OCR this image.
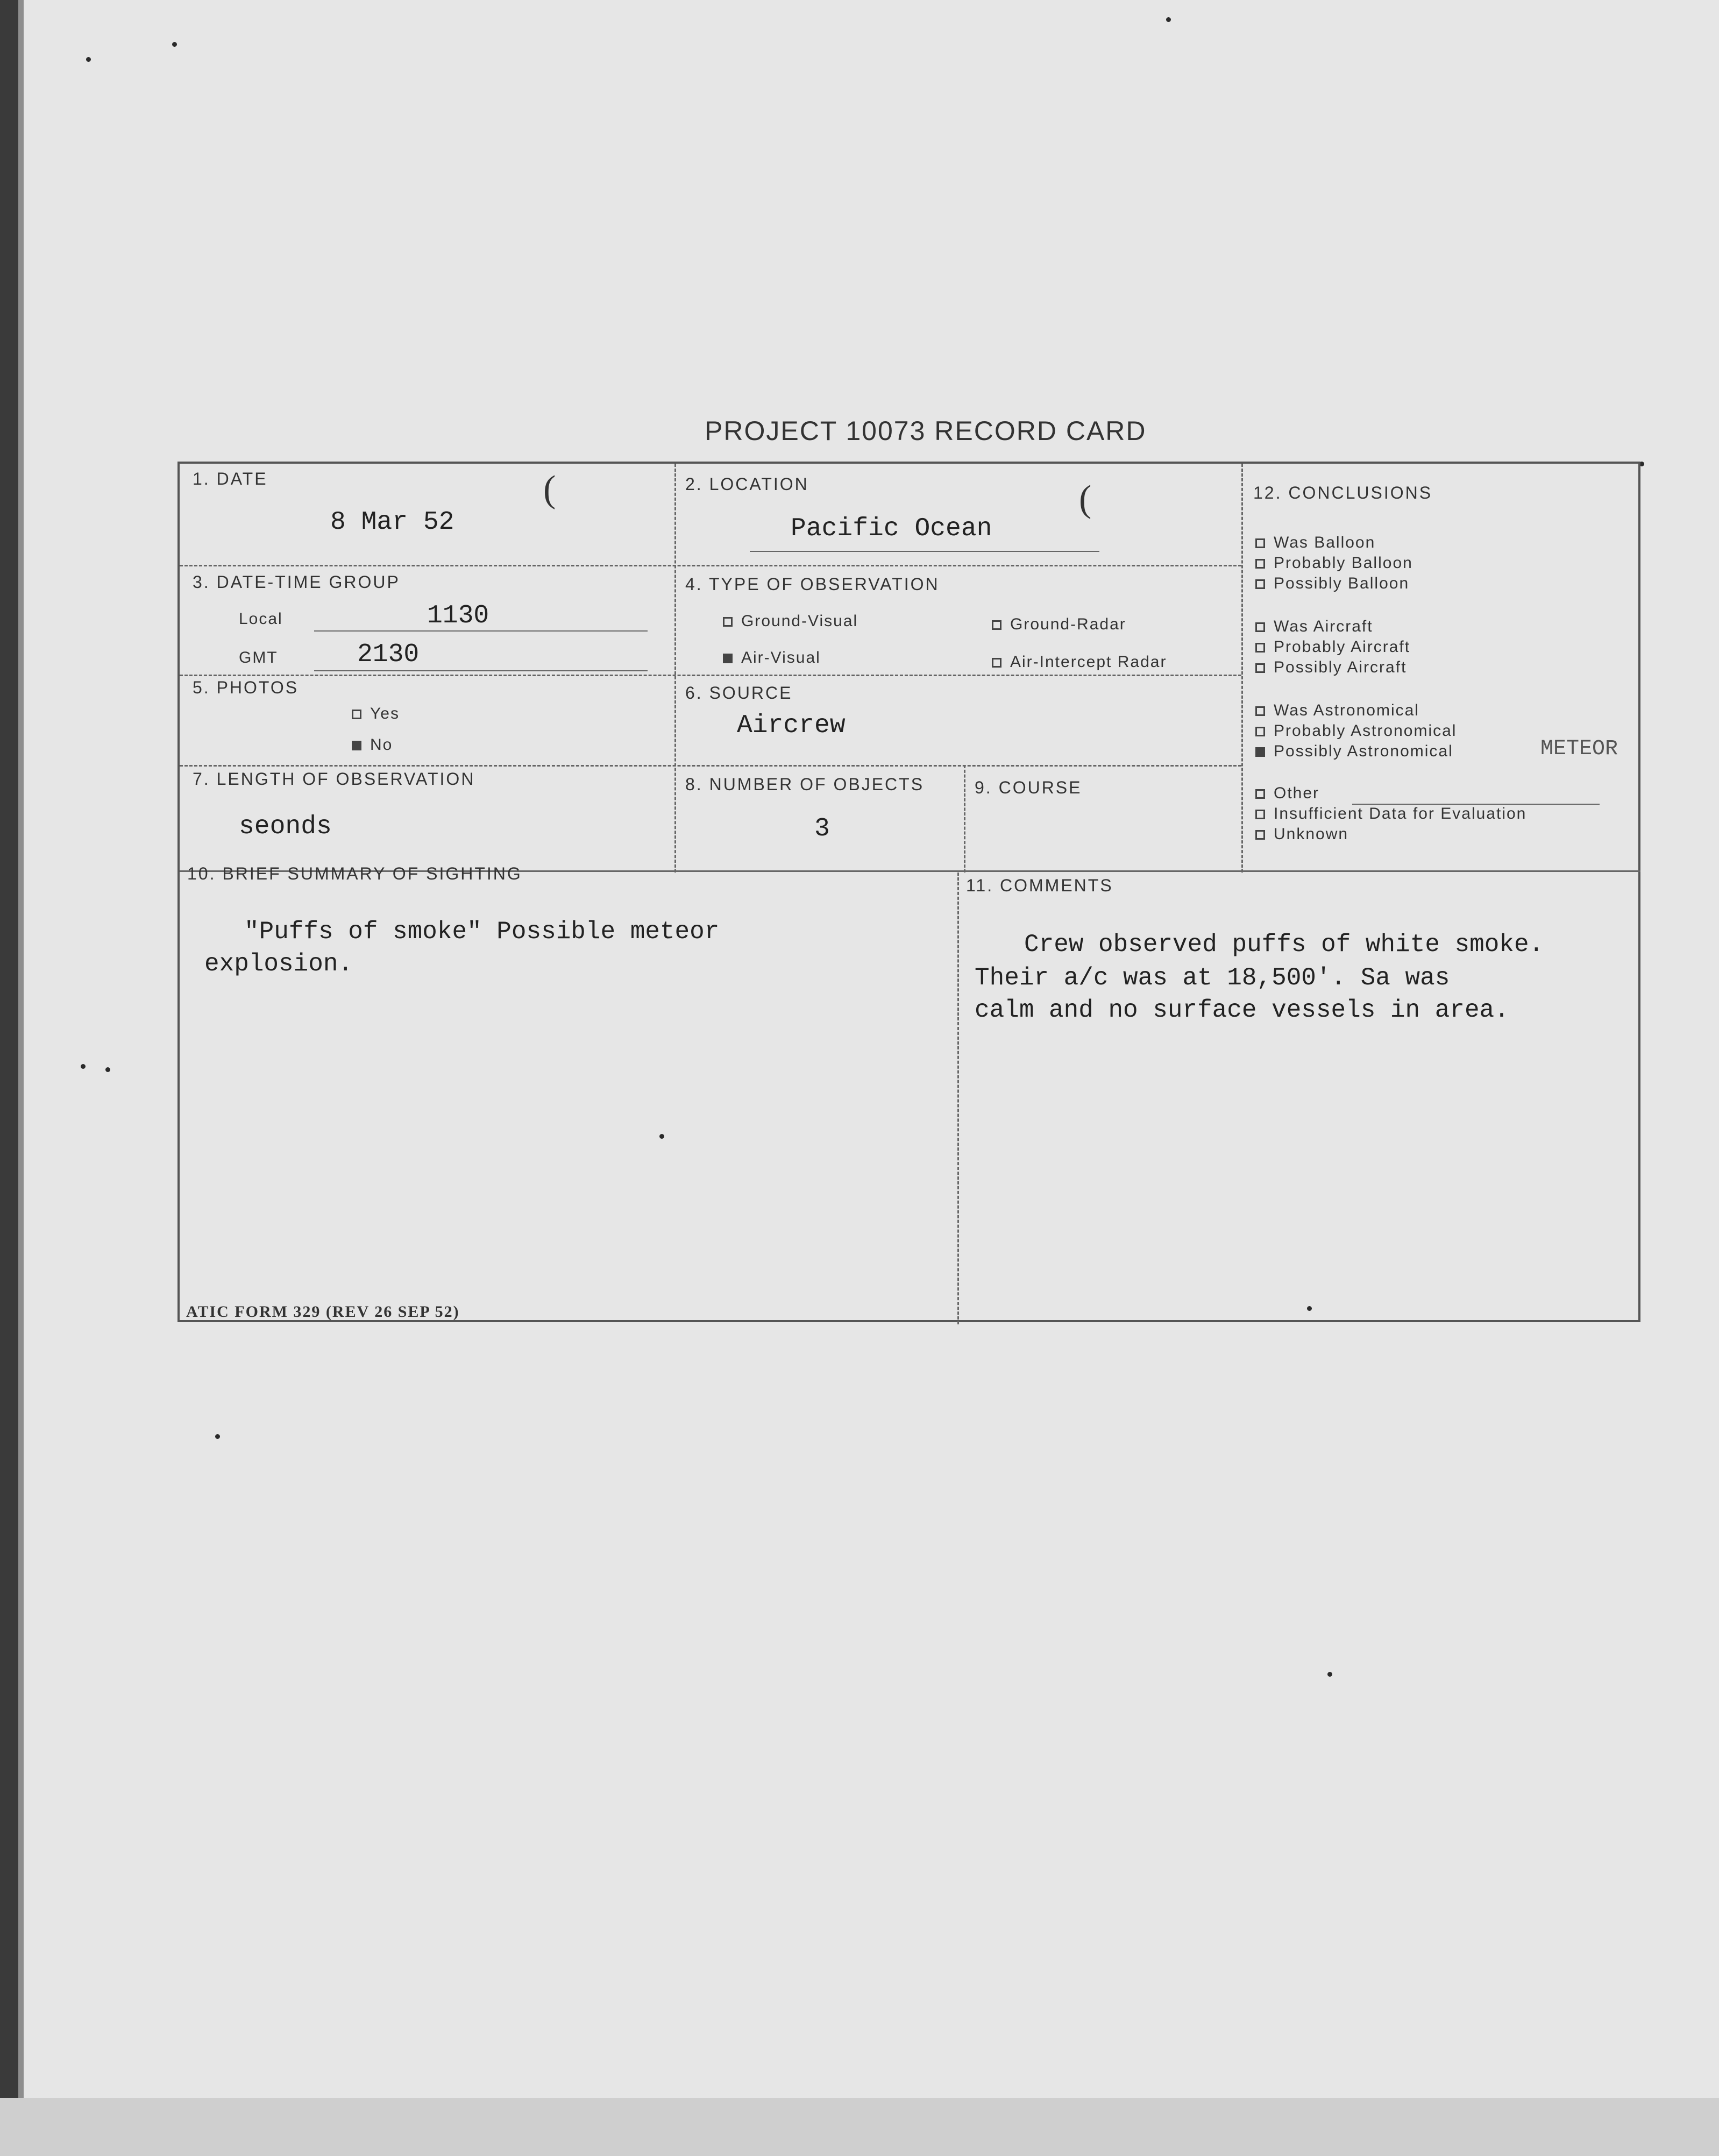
PROJECT 10073 RECORD CARD
1. DATE
8 Mar 52
(	2. LOCATION
Pacific Ocean
(
3. DATE-TIME GROUP
Local	1130
GMT	2130
4. TYPE OF OBSERVATION
Ground-Visual	Ground-Radar
Air-Visual	Air-Intercept Radar
5. PHOTOS
Yes
No
6. SOURCE
Aircrew
7. LENGTH OF OBSERVATION
seonds
8. NUMBER OF OBJECTS
3
9. COURSE
12. CONCLUSIONS
Was Balloon
Probably Balloon
Possibly Balloon
Was Aircraft
Probably Aircraft
Possibly Aircraft
Was Astronomical
Probably Astronomical
Possibly Astronomical	METEOR
Other
Insufficient Data for Evaluation
Unknown
10. BRIEF SUMMARY OF SIGHTING
"Puffs of smoke" Possible meteor
explosion.
11. COMMENTS
Crew observed puffs of white smoke.
Their a/c was at 18,500'. Sa was
calm and no surface vessels in area.
ATIC FORM 329 (REV 26 SEP 52)
